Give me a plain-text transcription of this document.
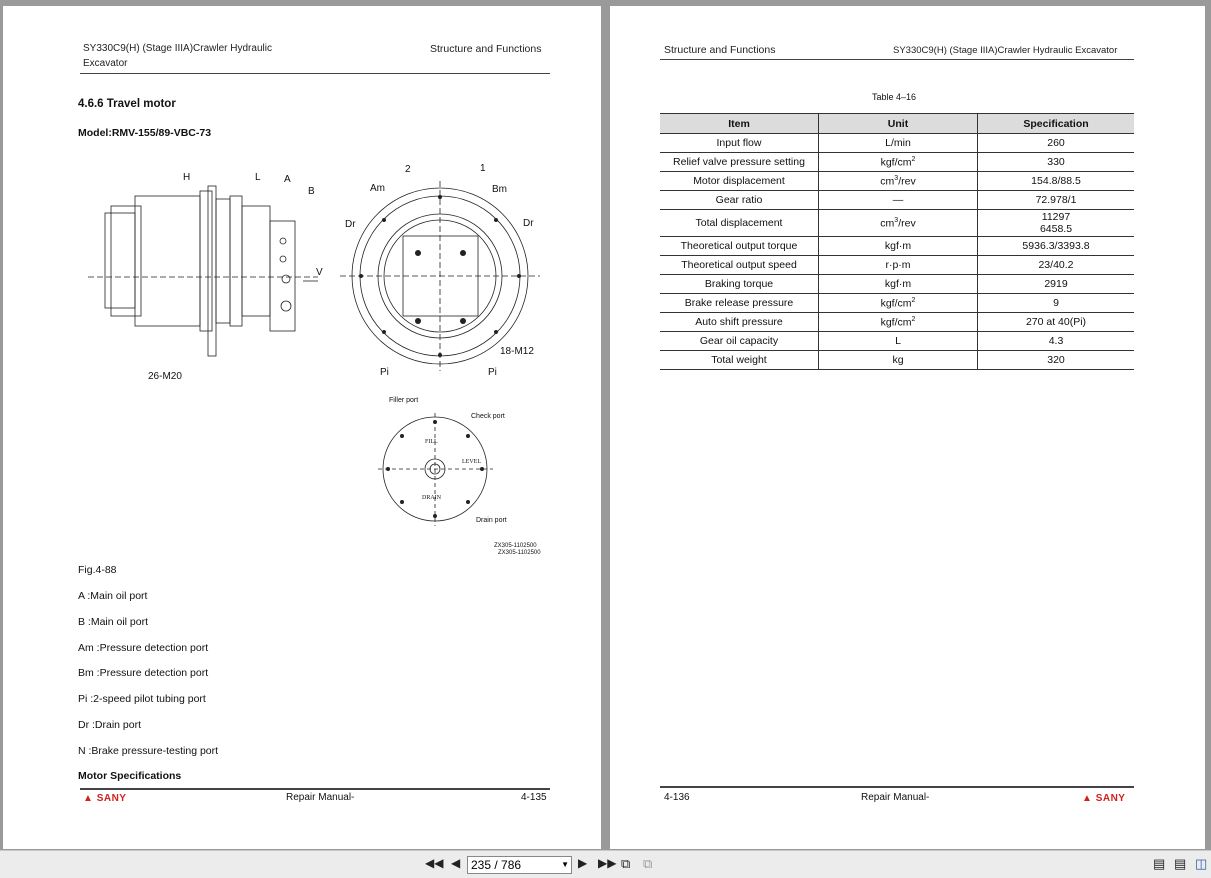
SY330C9(H) (Stage IIIA)Crawler Hydraulic
Excavator
Structure and Functions
4.6.6 Travel motor
Model:RMV-155/89-VBC-73
H	L A
B
V
26-M20
2	1
Am	Bm
Dr	Dr
Pi	Pi
18-M12
Filler port
Check port
Drain port
FILL
LEVEL
DRAIN
ZX305-1102500
ZX305-1102500
Fig.4-88
A :Main oil port
B :Main oil port
Am :Pressure detection port
Bm :Pressure detection port
Pi :2-speed pilot tubing port
Dr :Drain port
N :Brake pressure-testing port
Motor Specifications
▲ SANY	Repair Manual-	4-135
Structure and Functions	SY330C9(H) (Stage IIIA)Crawler Hydraulic Excavator
Table 4–16
Item	Unit	Specification
Input flow	L/min	260

Relief valve pressure setting	kgf/$cm^2$	330

Motor displacement	$cm^3$/rev	154.8/88.5

Gear ratio	—	72.978/1

Total displacement	$cm^3$/rev	11297
6458.5

Theoretical output torque	kgf·m	5936.3/3393.8

Theoretical output speed	r·p·m	23/40.2

Braking torque	kgf·m	2919

Brake release pressure	kgf/$cm^2$	9

Auto shift pressure	kgf/$cm^2$	270 at 40(Pi)

Gear oil capacity	L	4.3

Total weight	kg	320
4-136	Repair Manual-	▲ SANY
◀◀ ◀ 235 / 786	▼ ▶ ▶▶ ⧉ ⧉	▤ ▤ ◫
